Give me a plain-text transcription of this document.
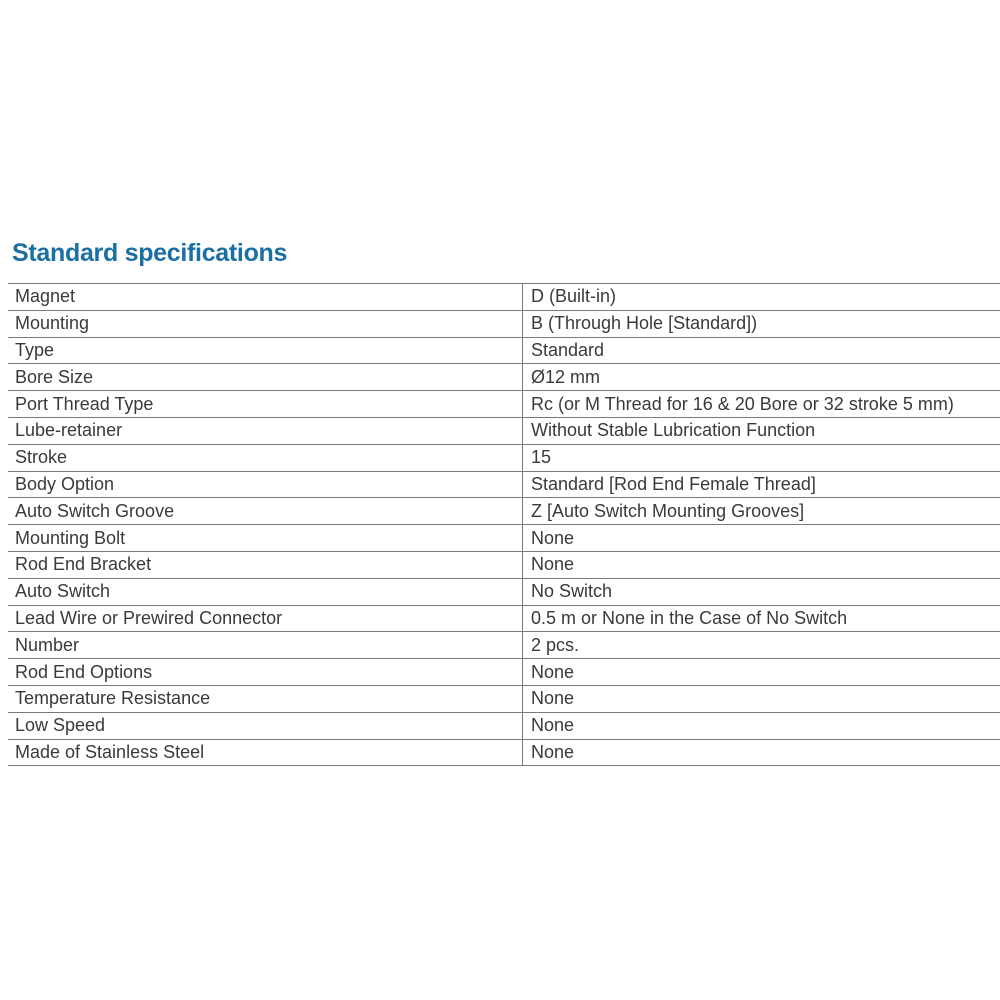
Standard specifications
Magnet	D (Built-in)
Mounting	B (Through Hole [Standard])
Type	Standard
Bore Size	Ø12 mm
Port Thread Type	Rc (or M Thread for 16 & 20 Bore or 32 stroke 5 mm)
Lube-retainer	Without Stable Lubrication Function
Stroke	15
Body Option	Standard [Rod End Female Thread]
Auto Switch Groove	Z [Auto Switch Mounting Grooves]
Mounting Bolt	None
Rod End Bracket	None
Auto Switch	No Switch
Lead Wire or Prewired Connector	0.5 m or None in the Case of No Switch
Number	2 pcs.
Rod End Options	None
Temperature Resistance	None
Low Speed	None
Made of Stainless Steel	None
